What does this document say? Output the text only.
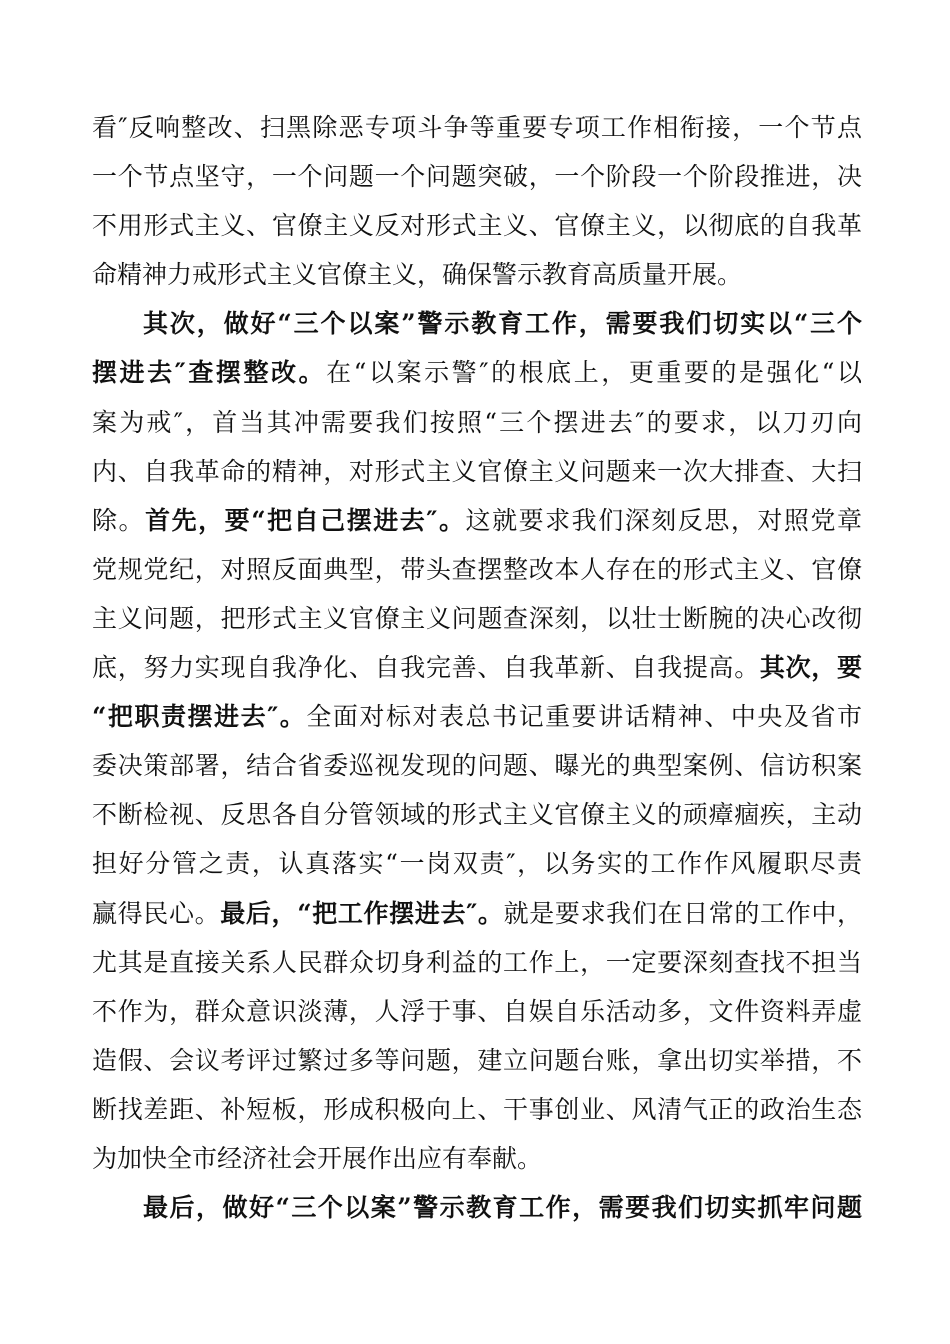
看″反响整改、扫黑除恶专项斗争等重要专项工作相衔接，一个节点
一个节点坚守，一个问题一个问题突破，一个阶段一个阶段推进，决
不用形式主义、官僚主义反对形式主义、官僚主义，以彻底的自我革
命精神力戒形式主义官僚主义，确保警示教育高质量开展。
其次，做好“三个以案”警示教育工作，需要我们切实以“三个
摆进去″查摆整改。在“以案示警″的根底上，更重要的是强化“以
案为戒″，首当其冲需要我们按照“三个摆进去″的要求，以刀刃向
内、自我革命的精神，对形式主义官僚主义问题来一次大排查、大扫
除。首先，要“把自己摆进去″。这就要求我们深刻反思，对照党章
党规党纪，对照反面典型，带头查摆整改本人存在的形式主义、官僚
主义问题，把形式主义官僚主义问题查深刻，以壮士断腕的决心改彻
底，努力实现自我净化、自我完善、自我革新、自我提高。其次，要
“把职责摆进去″。全面对标对表总书记重要讲话精神、中央及省市
委决策部署，结合省委巡视发现的问题、曝光的典型案例、信访积案
不断检视、反思各自分管领域的形式主义官僚主义的顽瘴痼疾，主动
担好分管之责，认真落实“一岗双责″，以务实的工作作风履职尽责
赢得民心。最后，“把工作摆进去″。就是要求我们在日常的工作中，
尤其是直接关系人民群众切身利益的工作上，一定要深刻查找不担当
不作为，群众意识淡薄，人浮于事、自娱自乐活动多，文件资料弄虚
造假、会议考评过繁过多等问题，建立问题台账，拿出切实举措，不
断找差距、补短板，形成积极向上、干事创业、风清气正的政治生态
为加快全市经济社会开展作出应有奉献。
最后，做好“三个以案”警示教育工作，需要我们切实抓牢问题
